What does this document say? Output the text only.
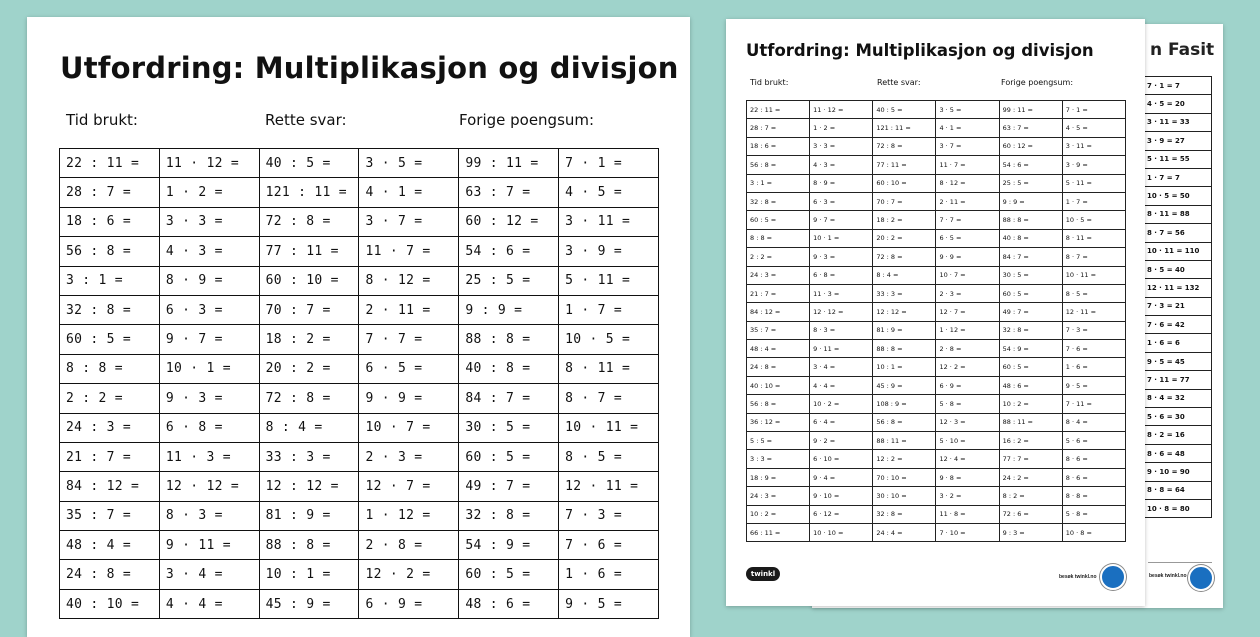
n Fasit
7 · 1 = 7
4 · 5 = 20
3 · 11 = 33
3 · 9 = 27
5 · 11 = 55
1 · 7 = 7
10 · 5 = 50
8 · 11 = 88
8 · 7 = 56
10 · 11 = 110
8 · 5 = 40
12 · 11 = 132
7 · 3 = 21
7 · 6 = 42
1 · 6 = 6
9 · 5 = 45
7 · 11 = 77
8 · 4 = 32
5 · 6 = 30
8 · 2 = 16
8 · 6 = 48
9 · 10 = 90
8 · 8 = 64
10 · 8 = 80
besøk twinkl.no
Utfordring: Multiplikasjon og divisjon
Tid brukt:	Rette svar:	Forige poengsum:
22 : 11 =	11 · 12 =	40 : 5 =	3 · 5 =	99 : 11 =	7 · 1 =
28 : 7 =	1 · 2 =	121 : 11 =	4 · 1 =	63 : 7 =	4 · 5 =
18 : 6 =	3 · 3 =	72 : 8 =	3 · 7 =	60 : 12 =	3 · 11 =
56 : 8 =	4 · 3 =	77 : 11 =	11 · 7 =	54 : 6 =	3 · 9 =
3 : 1 =	8 · 9 =	60 : 10 =	8 · 12 =	25 : 5 =	5 · 11 =
32 : 8 =	6 · 3 =	70 : 7 =	2 · 11 =	9 : 9 =	1 · 7 =
60 : 5 =	9 · 7 =	18 : 2 =	7 · 7 =	88 : 8 =	10 · 5 =
8 : 8 =	10 · 1 =	20 : 2 =	6 · 5 =	40 : 8 =	8 · 11 =
2 : 2 =	9 · 3 =	72 : 8 =	9 · 9 =	84 : 7 =	8 · 7 =
24 : 3 =	6 · 8 =	8 : 4 =	10 · 7 =	30 : 5 =	10 · 11 =
21 : 7 =	11 · 3 =	33 : 3 =	2 · 3 =	60 : 5 =	8 · 5 =
84 : 12 =	12 · 12 =	12 : 12 =	12 · 7 =	49 : 7 =	12 · 11 =
35 : 7 =	8 · 3 =	81 : 9 =	1 · 12 =	32 : 8 =	7 · 3 =
48 : 4 =	9 · 11 =	88 : 8 =	2 · 8 =	54 : 9 =	7 · 6 =
24 : 8 =	3 · 4 =	10 : 1 =	12 · 2 =	60 : 5 =	1 · 6 =
40 : 10 =	4 · 4 =	45 : 9 =	6 · 9 =	48 : 6 =	9 · 5 =
56 : 8 =	10 · 2 =	108 : 9 =	5 · 8 =	10 : 2 =	7 · 11 =
36 : 12 =	6 · 4 =	56 : 8 =	12 · 3 =	88 : 11 =	8 · 4 =
5 : 5 =	9 · 2 =	88 : 11 =	5 · 10 =	16 : 2 =	5 · 6 =
3 : 3 =	6 · 10 =	12 : 2 =	12 · 4 =	77 : 7 =	8 · 6 =
18 : 9 =	9 · 4 =	70 : 10 =	9 · 8 =	24 : 2 =	8 · 6 =
24 : 3 =	9 · 10 =	30 : 10 =	3 · 2 =	8 : 2 =	8 · 8 =
10 : 2 =	6 · 12 =	32 : 8 =	11 · 8 =	72 : 6 =	5 · 8 =
66 : 11 =	10 · 10 =	24 : 4 =	7 · 10 =	9 : 3 =	10 · 8 =
twinkl	besøk twinkl.no
Utfordring: Multiplikasjon og divisjon
Tid brukt:	Rette svar:	Forige poengsum:
22 : 11 =	11 · 12 =	40 : 5 =	3 · 5 =	99 : 11 =	7 · 1 =
28 : 7 =	1 · 2 =	121 : 11 =	4 · 1 =	63 : 7 =	4 · 5 =
18 : 6 =	3 · 3 =	72 : 8 =	3 · 7 =	60 : 12 =	3 · 11 =
56 : 8 =	4 · 3 =	77 : 11 =	11 · 7 =	54 : 6 =	3 · 9 =
3 : 1 =	8 · 9 =	60 : 10 =	8 · 12 =	25 : 5 =	5 · 11 =
32 : 8 =	6 · 3 =	70 : 7 =	2 · 11 =	9 : 9 =	1 · 7 =
60 : 5 =	9 · 7 =	18 : 2 =	7 · 7 =	88 : 8 =	10 · 5 =
8 : 8 =	10 · 1 =	20 : 2 =	6 · 5 =	40 : 8 =	8 · 11 =
2 : 2 =	9 · 3 =	72 : 8 =	9 · 9 =	84 : 7 =	8 · 7 =
24 : 3 =	6 · 8 =	8 : 4 =	10 · 7 =	30 : 5 =	10 · 11 =
21 : 7 =	11 · 3 =	33 : 3 =	2 · 3 =	60 : 5 =	8 · 5 =
84 : 12 =	12 · 12 =	12 : 12 =	12 · 7 =	49 : 7 =	12 · 11 =
35 : 7 =	8 · 3 =	81 : 9 =	1 · 12 =	32 : 8 =	7 · 3 =
48 : 4 =	9 · 11 =	88 : 8 =	2 · 8 =	54 : 9 =	7 · 6 =
24 : 8 =	3 · 4 =	10 : 1 =	12 · 2 =	60 : 5 =	1 · 6 =
40 : 10 =	4 · 4 =	45 : 9 =	6 · 9 =	48 : 6 =	9 · 5 =
